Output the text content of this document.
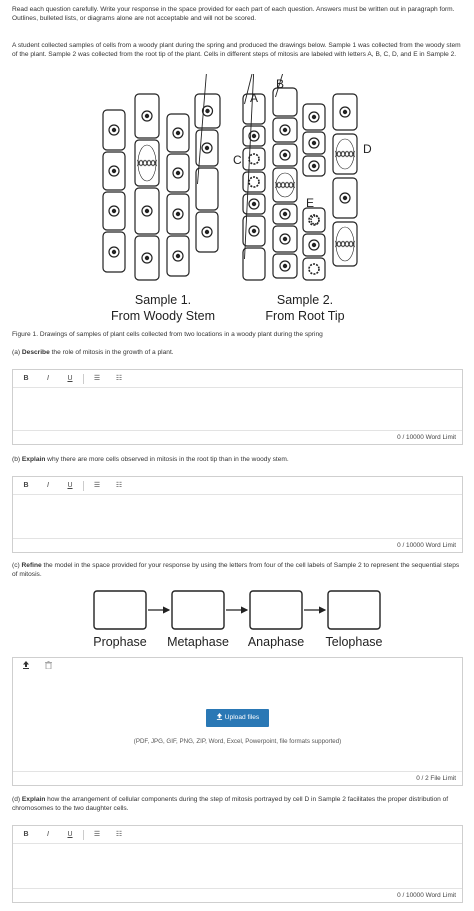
Read each question carefully. Write your response in the space provided for each part of each question. Answers must be written out in paragraph form. Outlines, bulleted lists, or diagrams alone are not acceptable and will not be scored.
A student collected samples of cells from a woody plant during the spring and produced the drawings below. Sample 1 was collected from the woody stem of the plant. Sample 2 was collected from the root tip of the plant. Cells in different steps of mitosis are labeled with letters A, B, C, D, and E in Sample 2.
A
B
C
D
E
Sample 1.
From Woody Stem
Sample 2.
From Root Tip
Figure 1. Drawings of samples of plant cells collected from two locations in a woody plant during the spring
(a) Describe the role of mitosis in the growth of a plant.
B	I	U	☰ ☷
0 / 10000 Word Limit
(b) Explain why there are more cells observed in mitosis in the root tip than in the woody stem.
B	I	U	☰ ☷
0 / 10000 Word Limit
(c) Refine the model in the space provided for your response by using the letters from four of the cell labels of Sample 2 to represent the sequential steps of mitosis.
Prophase Metaphase Anaphase Telophase
Upload files
(PDF, JPG, GIF, PNG, ZIP, Word, Excel, Powerpoint, file formats supported)
0 / 2 File Limit
(d) Explain how the arrangement of cellular components during the step of mitosis portrayed by cell D in Sample 2 facilitates the proper distribution of chromosomes to the two daughter cells.
B	I	U	☰ ☷
0 / 10000 Word Limit
